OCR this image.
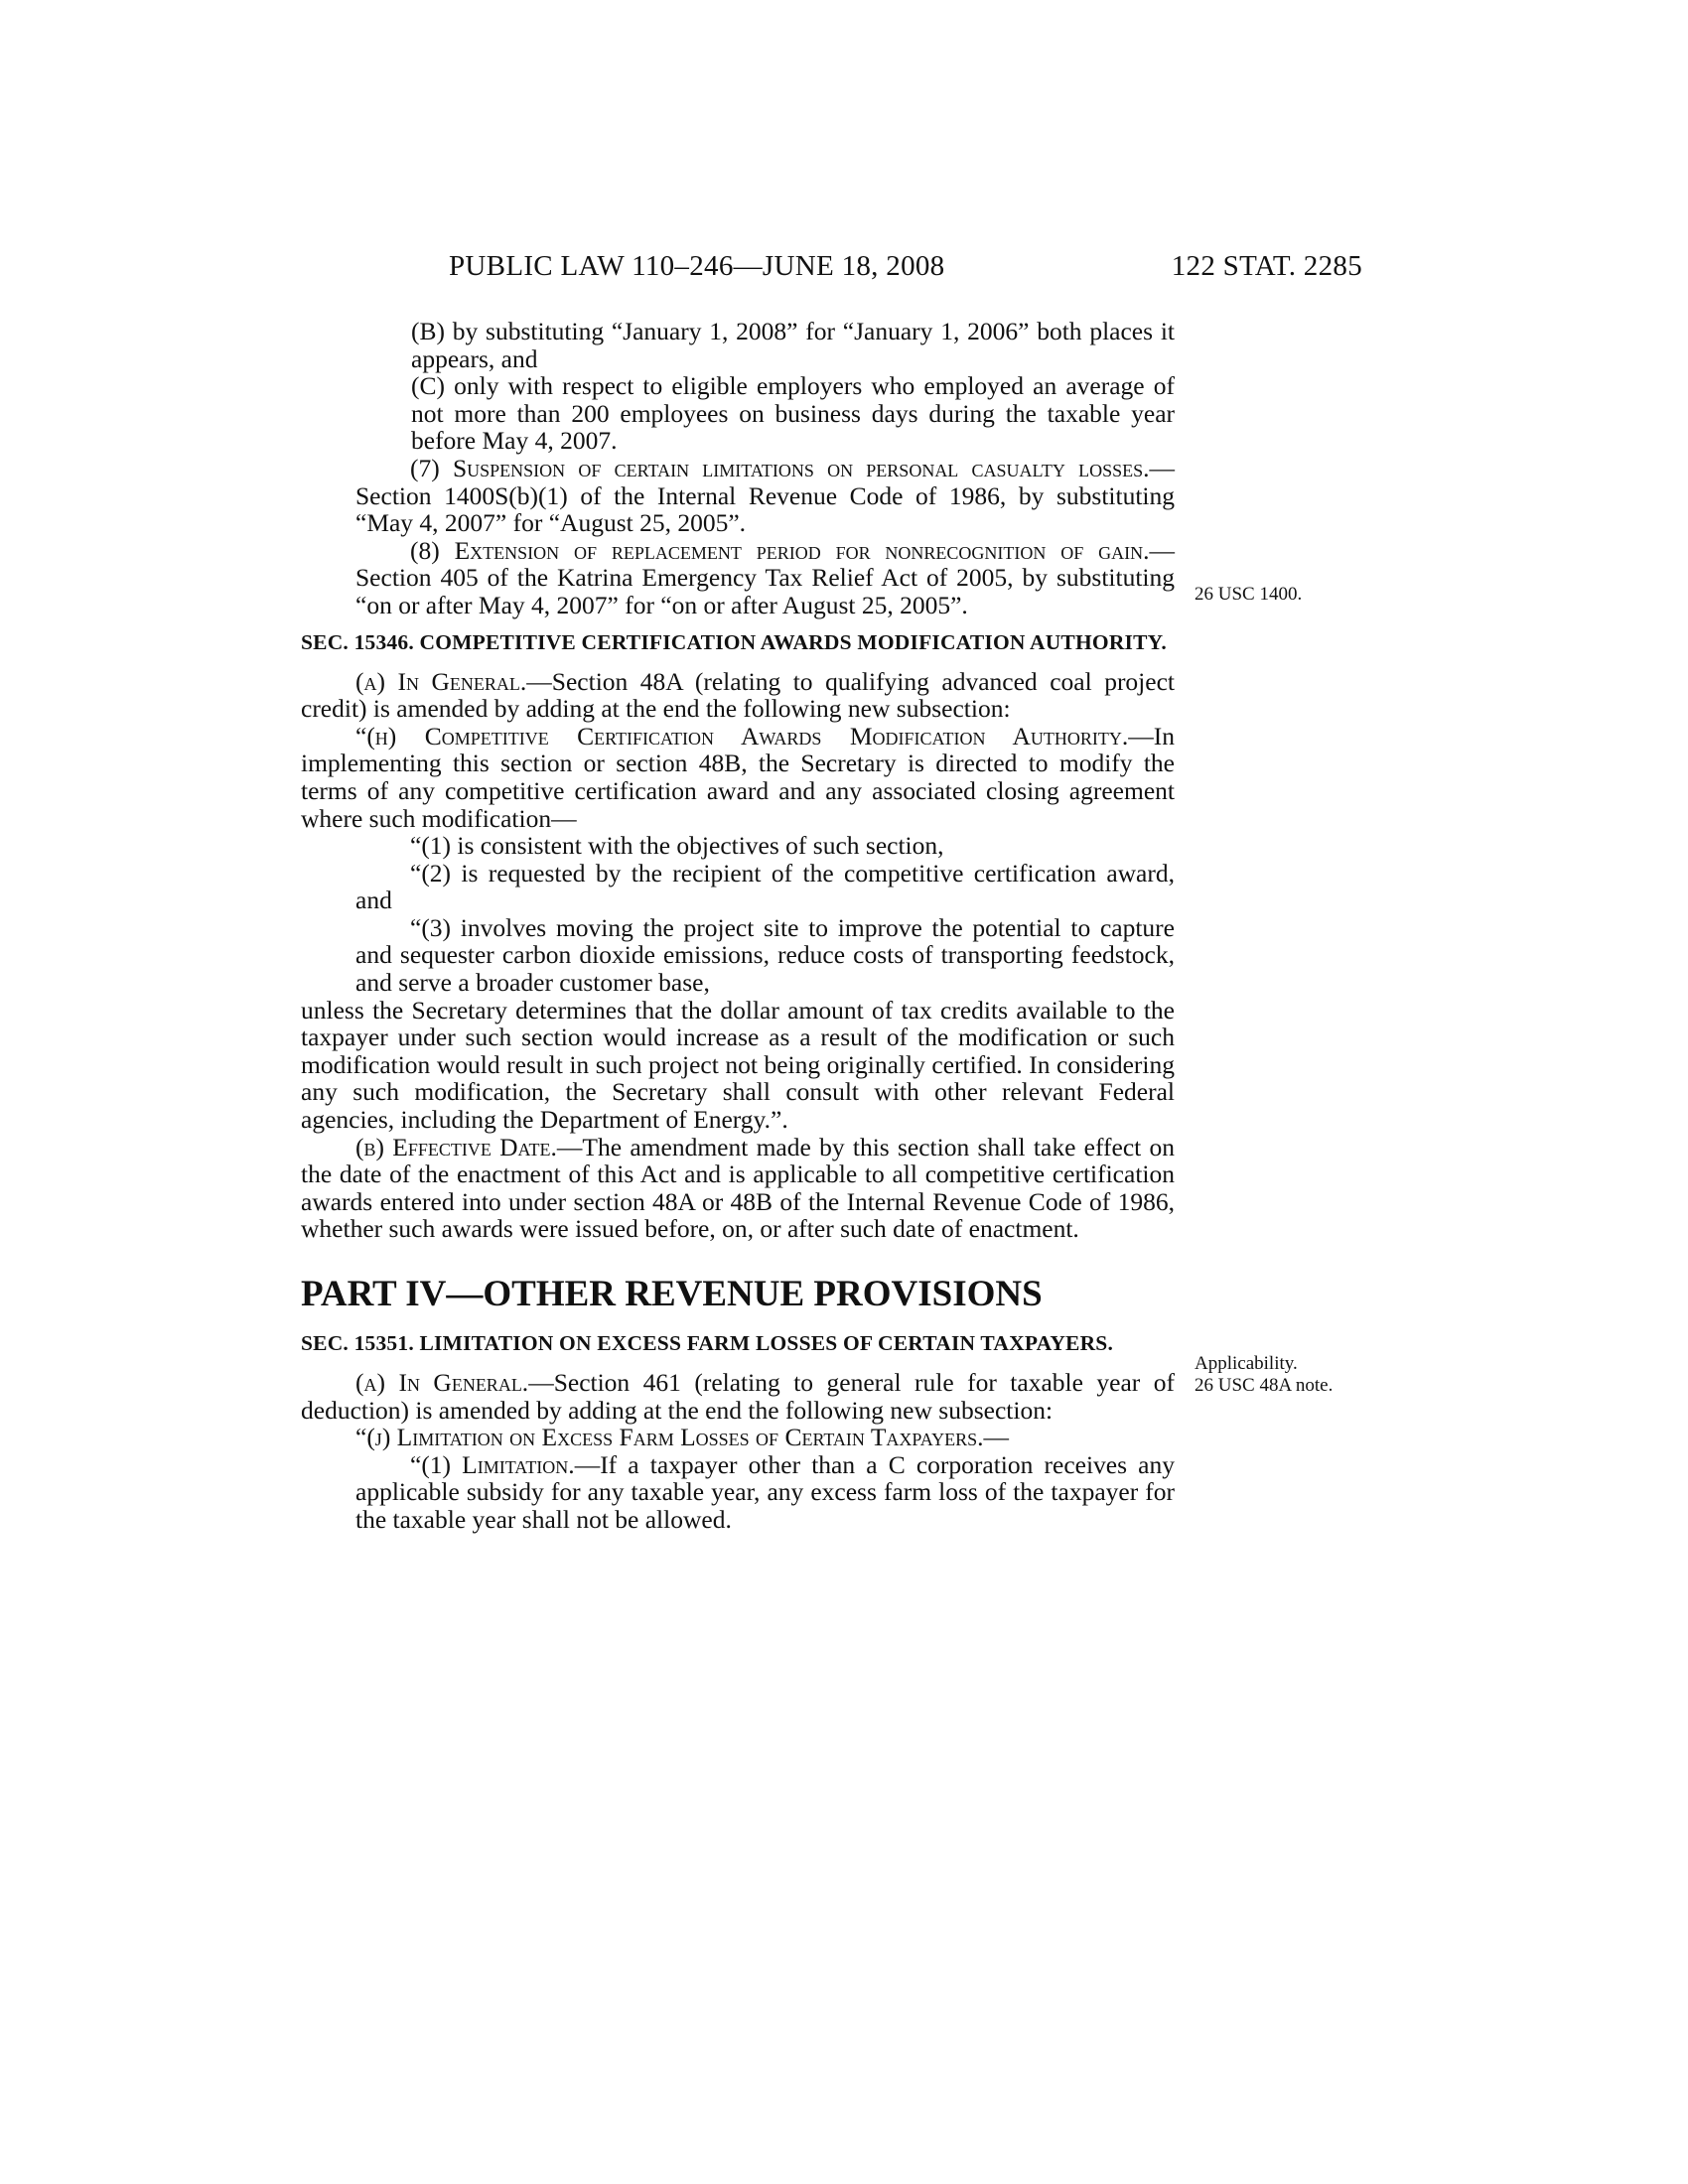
PUBLIC LAW 110–246—JUNE 18, 2008	122 STAT. 2285
26 USC 1400.
Applicability.
26 USC 48A note.

(B) by substituting “January 1, 2008” for “January 1, 2006” both places it appears, and

(C) only with respect to eligible employers who employed an average of not more than 200 employees on business days during the taxable year before May 4, 2007.

(7) Suspension of certain limitations on personal casualty losses.—Section 1400S(b)(1) of the Internal Revenue Code of 1986, by substituting “May 4, 2007” for “August 25, 2005”.

(8) Extension of replacement period for nonrecognition of gain.—Section 405 of the Katrina Emergency Tax Relief Act of 2005, by substituting “on or after May 4, 2007” for “on or after August 25, 2005”.

SEC. 15346. COMPETITIVE CERTIFICATION AWARDS MODIFICATION AUTHORITY.

(a) In General.—Section 48A (relating to qualifying advanced coal project credit) is amended by adding at the end the following new subsection:

“(h) Competitive Certification Awards Modification Authority.—In implementing this section or section 48B, the Secretary is directed to modify the terms of any competitive certification award and any associated closing agreement where such modification—

“(1) is consistent with the objectives of such section,

“(2) is requested by the recipient of the competitive certification award, and

“(3) involves moving the project site to improve the potential to capture and sequester carbon dioxide emissions, reduce costs of transporting feedstock, and serve a broader customer base,

unless the Secretary determines that the dollar amount of tax credits available to the taxpayer under such section would increase as a result of the modification or such modification would result in such project not being originally certified. In considering any such modification, the Secretary shall consult with other relevant Federal agencies, including the Department of Energy.”.

(b) Effective Date.—The amendment made by this section shall take effect on the date of the enactment of this Act and is applicable to all competitive certification awards entered into under section 48A or 48B of the Internal Revenue Code of 1986, whether such awards were issued before, on, or after such date of enactment.

PART IV—OTHER REVENUE PROVISIONS

SEC. 15351. LIMITATION ON EXCESS FARM LOSSES OF CERTAIN TAXPAYERS.

(a) In General.—Section 461 (relating to general rule for taxable year of deduction) is amended by adding at the end the following new subsection:

“(j) Limitation on Excess Farm Losses of Certain Taxpayers.—

“(1) Limitation.—If a taxpayer other than a C corporation receives any applicable subsidy for any taxable year, any excess farm loss of the taxpayer for the taxable year shall not be allowed.
